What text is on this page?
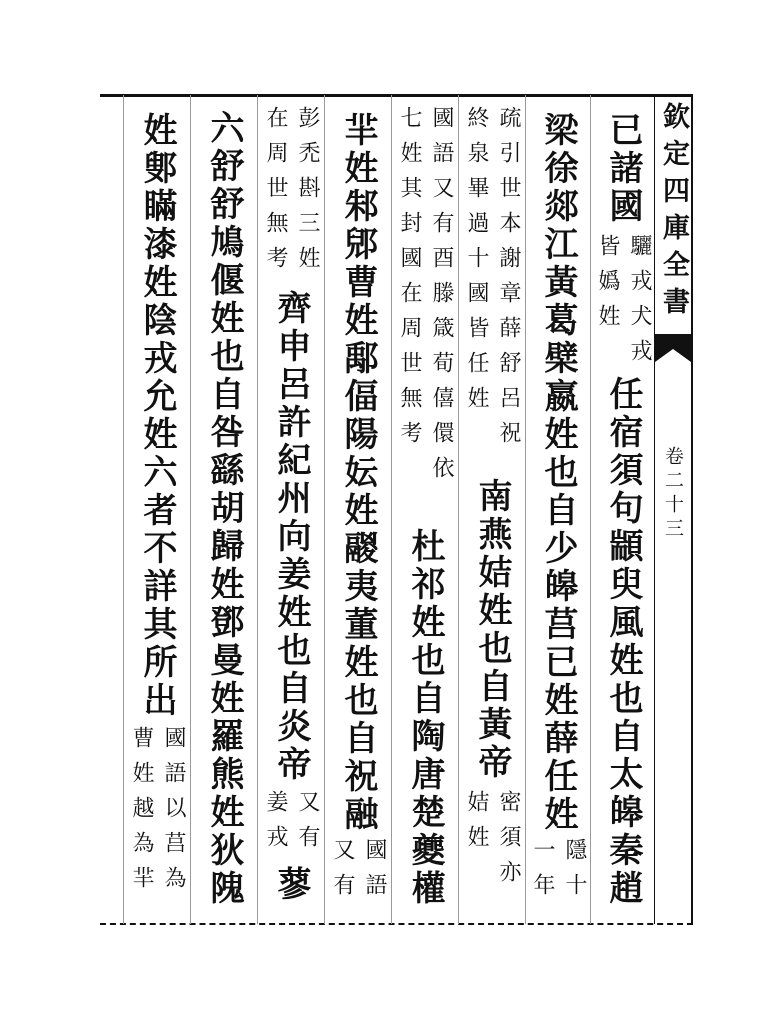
欽定四庫全書
卷二十三
已諸國
驪戎犬戎
皆嬀姓
任宿須句顓臾風姓也自太皞秦趙
梁徐郯江黃葛檗嬴姓也自少皞莒已姓薛任姓
隱十
一年
疏引世本謝章薛舒呂祝
終泉畢過十國皆任姓
南燕姞姓也自黃帝
密須亦
姞姓
國語又有酉滕箴荀僖儇依
七姓其封國在周世無考
杜祁姓也自陶唐楚夔權
羋姓邾郳曹姓鄅偪陽妘姓鬷夷董姓也自祝融
國語
又有
彭禿斟三姓
在周世無考
齊申呂許紀州向姜姓也自炎帝
又有
姜戎
蓼
六舒舒鳩偃姓也自咎繇胡歸姓鄧曼姓羅熊姓狄隗
姓鄋瞞漆姓陰戎允姓六者不詳其所出
國語以莒為
曹姓越為羋
